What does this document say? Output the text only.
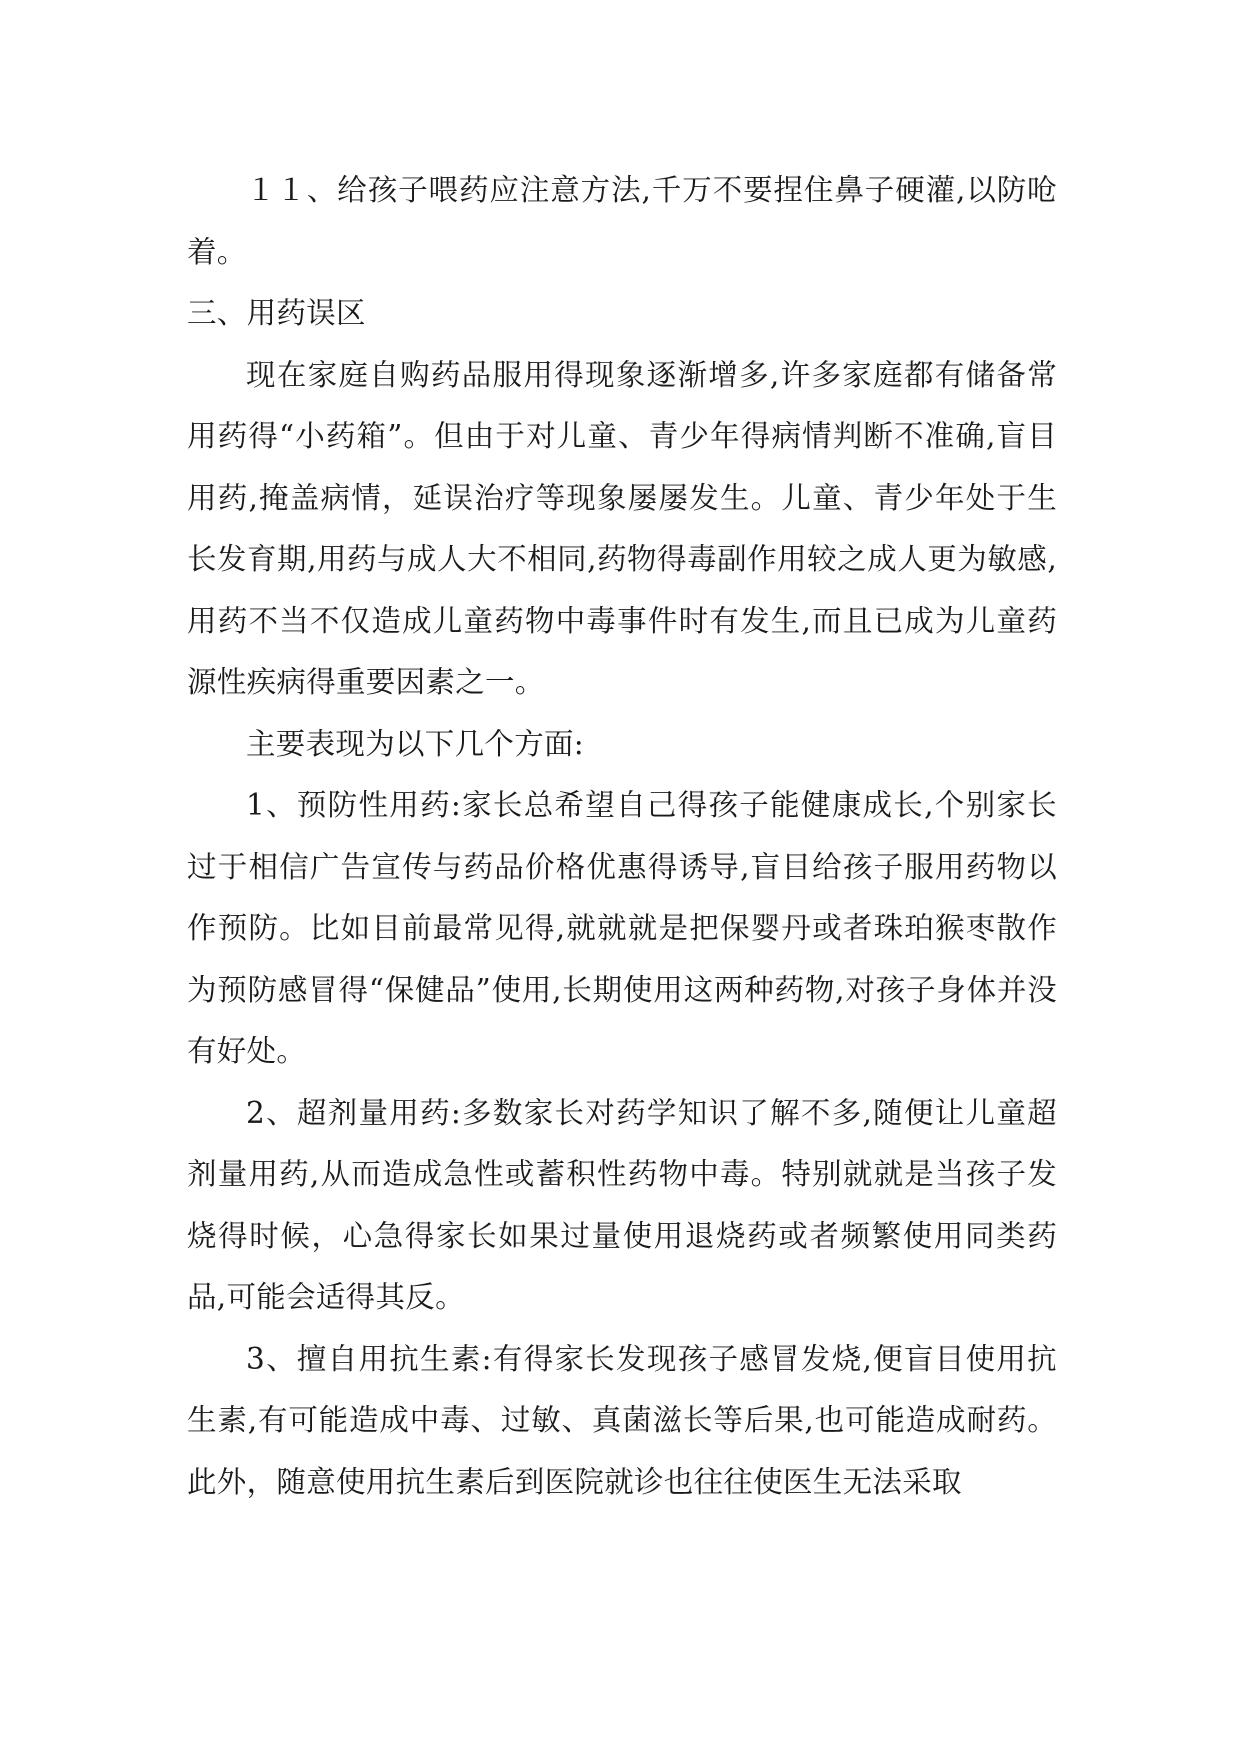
１１、给孩子喂药应注意方法,千万不要捏住鼻子硬灌,以防呛着。

三、用药误区

现在家庭自购药品服用得现象逐渐增多,许多家庭都有储备常用药得“小药箱”。但由于对儿童、青少年得病情判断不准确,盲目用药,掩盖病情，延误治疗等现象屡屡发生。儿童、青少年处于生长发育期,用药与成人大不相同,药物得毒副作用较之成人更为敏感,用药不当不仅造成儿童药物中毒事件时有发生,而且已成为儿童药源性疾病得重要因素之一。

主要表现为以下几个方面:

1、预防性用药:家长总希望自己得孩子能健康成长,个别家长过于相信广告宣传与药品价格优惠得诱导,盲目给孩子服用药物以作预防。比如目前最常见得,就就就是把保婴丹或者珠珀猴枣散作为预防感冒得“保健品”使用,长期使用这两种药物,对孩子身体并没有好处。

2、超剂量用药:多数家长对药学知识了解不多,随便让儿童超剂量用药,从而造成急性或蓄积性药物中毒。特别就就是当孩子发烧得时候，心急得家长如果过量使用退烧药或者频繁使用同类药品,可能会适得其反。

3、擅自用抗生素:有得家长发现孩子感冒发烧,便盲目使用抗生素,有可能造成中毒、过敏、真菌滋长等后果,也可能造成耐药。此外，随意使用抗生素后到医院就诊也往往使医生无法采取
